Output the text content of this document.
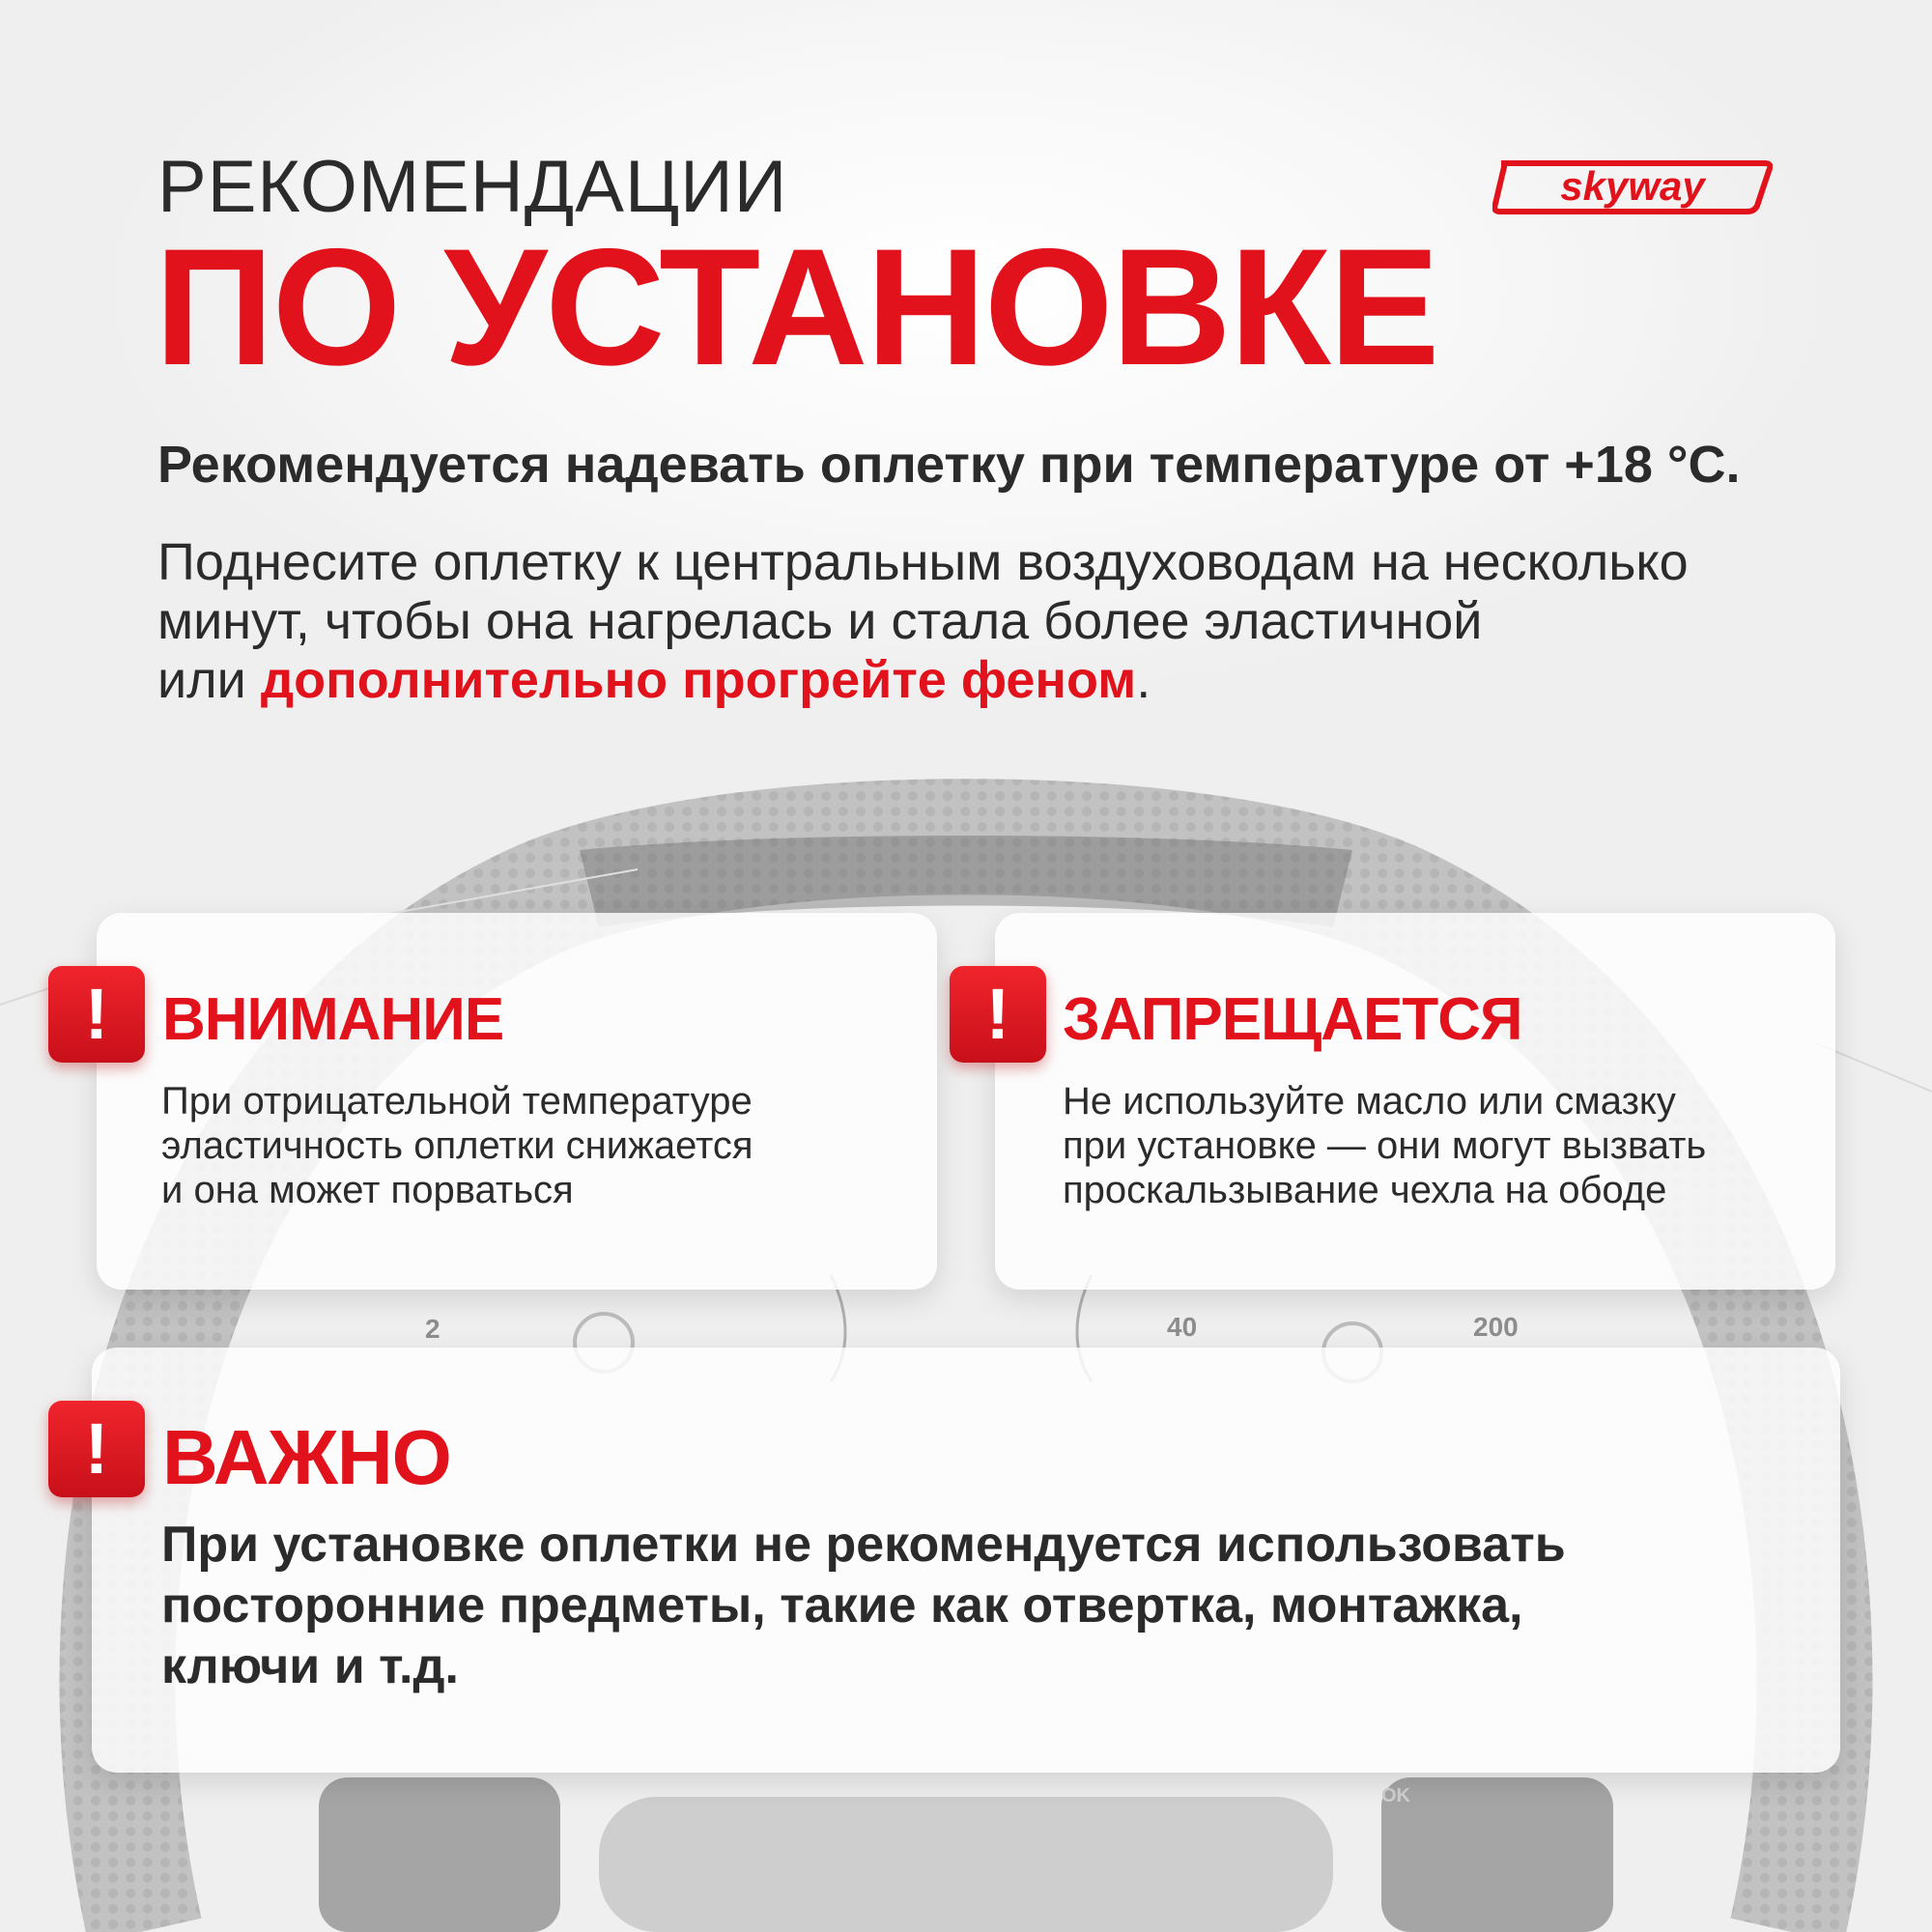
2	40	200
OK
РЕКОМЕНДАЦИИ
ПО УСТАНОВКЕ
skyway
Рекомендуется надевать оплетку при температуре от +18 °C.
Поднесите оплетку к центральным воздуховодам на несколько
минут, чтобы она нагрелась и стала более эластичной
или дополнительно прогрейте феном.
!	!
!
ВНИМАНИЕ	ЗАПРЕЩАЕТСЯ
ВАЖНО
При отрицательной температуре
эластичность оплетки снижается
и она может порваться
Не используйте масло или смазку
при установке — они могут вызвать
проскальзывание чехла на ободе
При установке оплетки не рекомендуется использовать
посторонние предметы, такие как отвертка, монтажка,
ключи и т.д.
